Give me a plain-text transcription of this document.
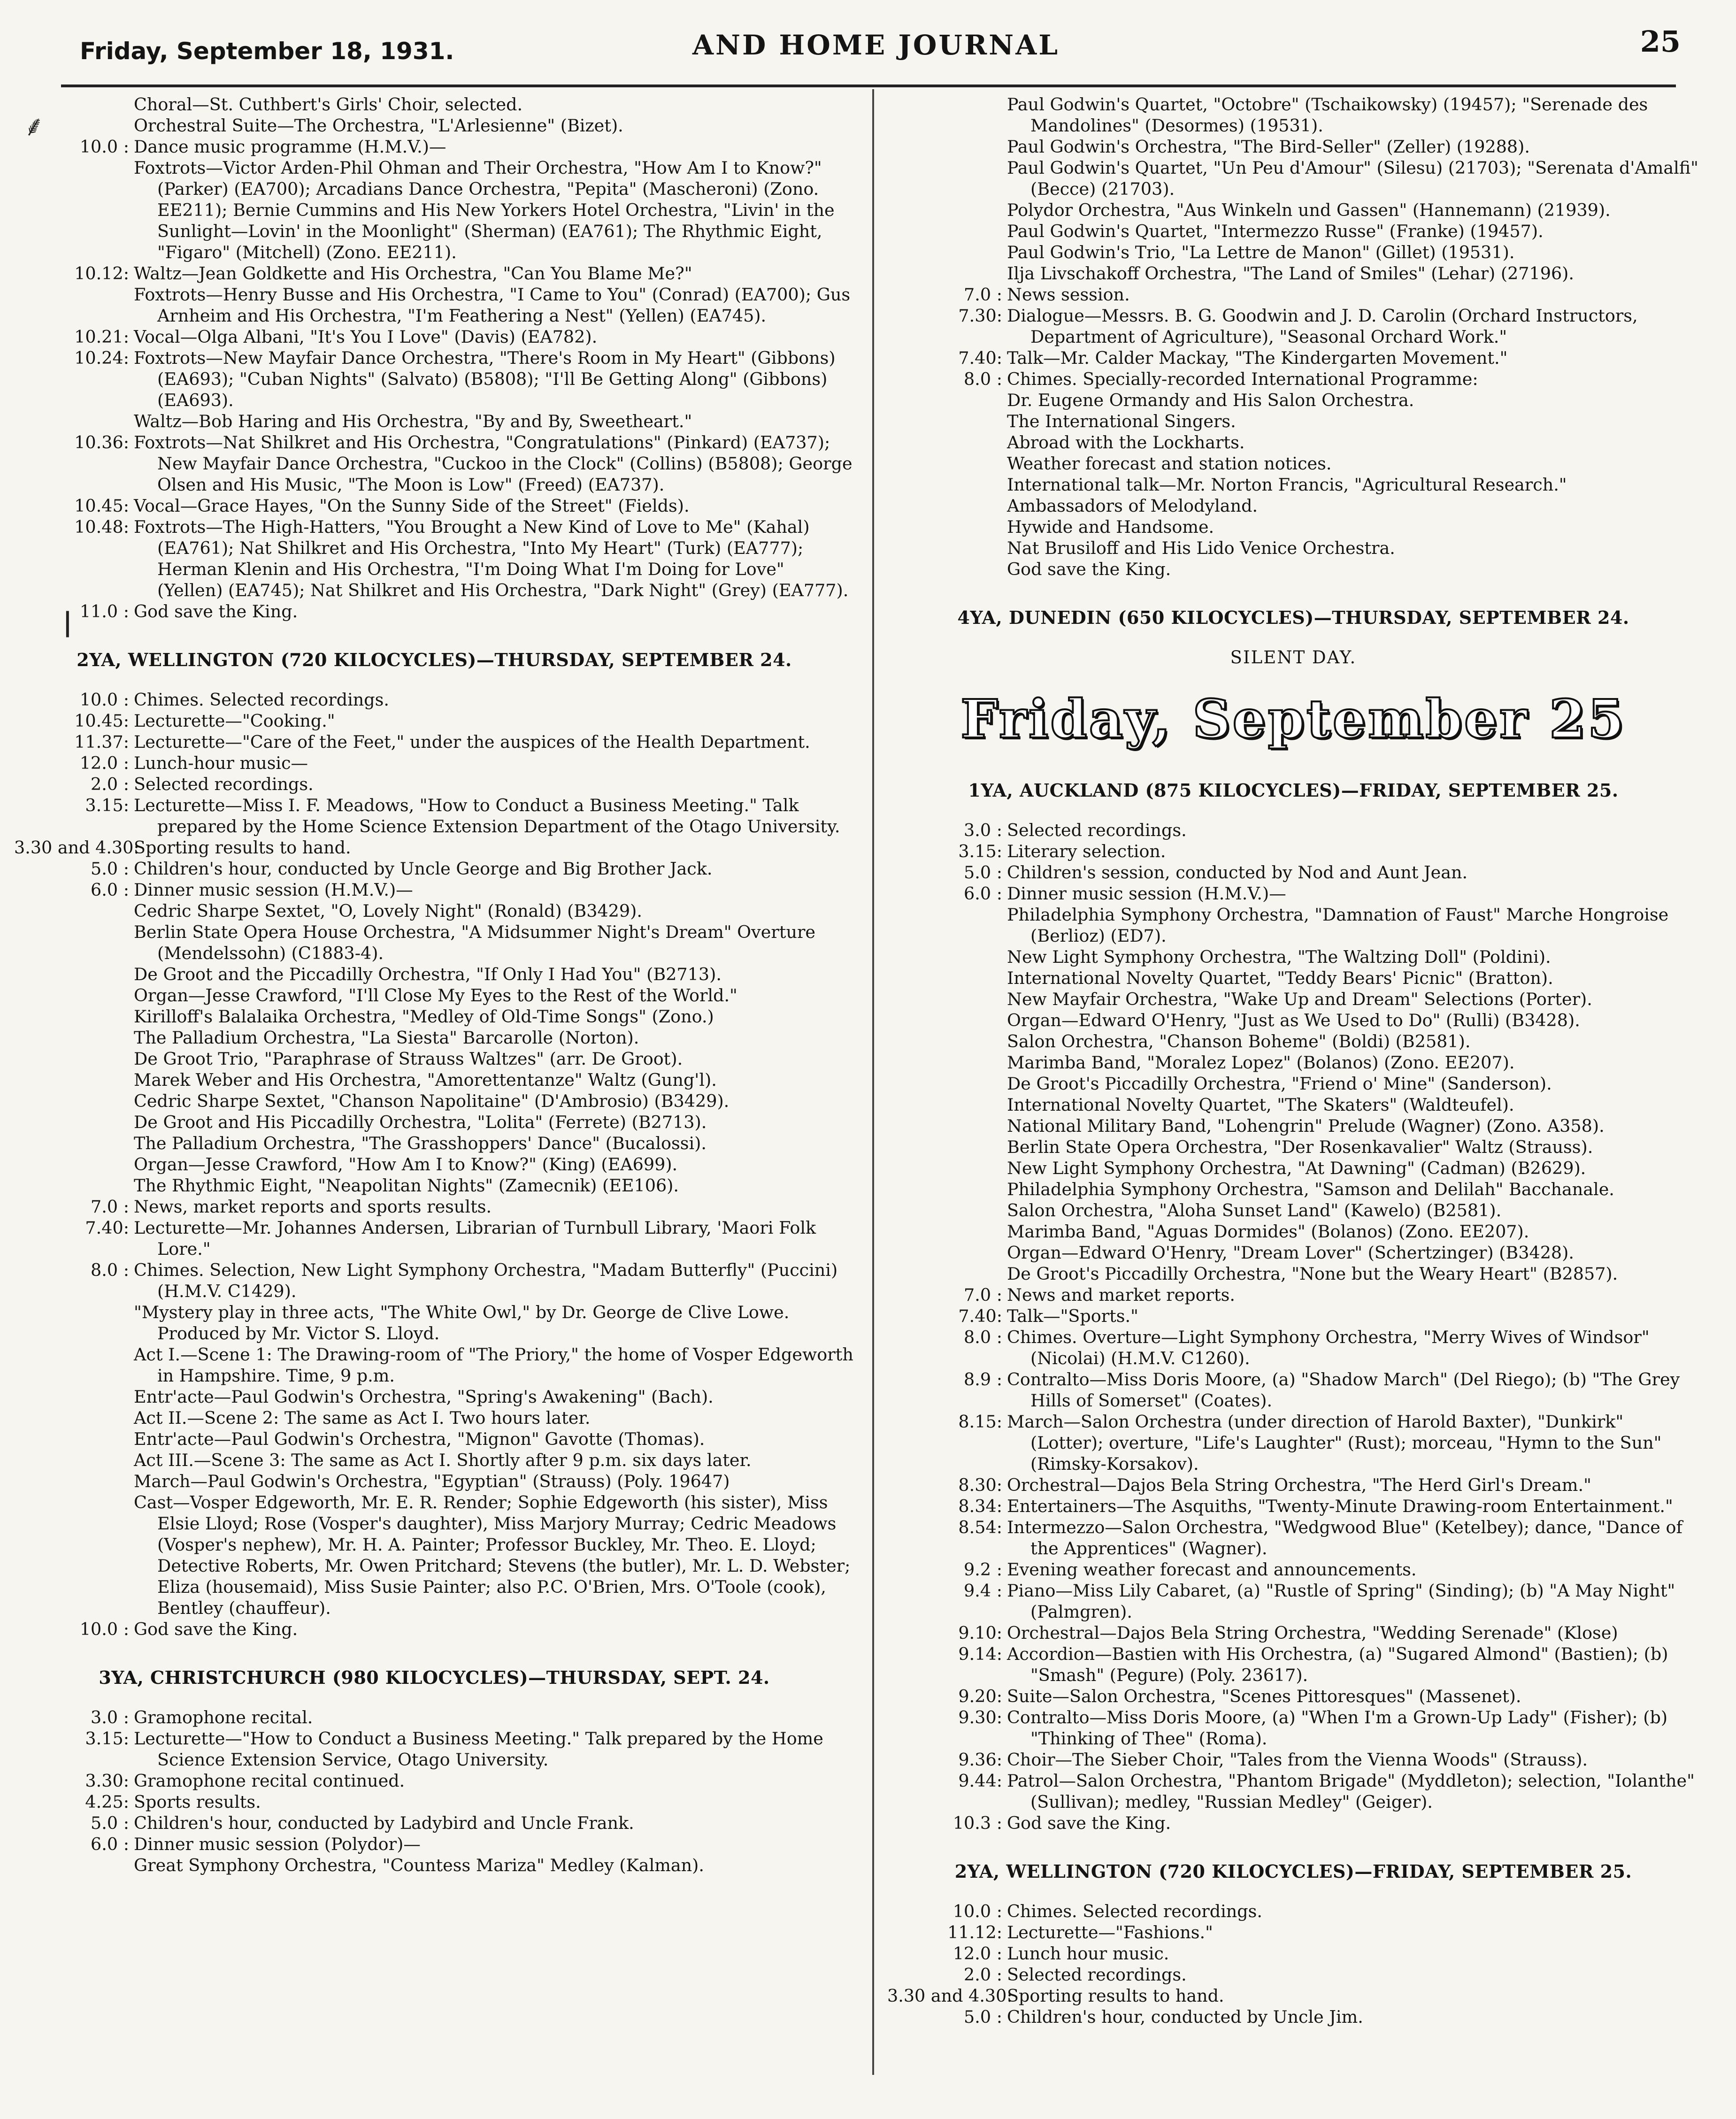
Friday, September 18, 1931.	AND HOME JOURNAL	25
⸙
ǀ
Choral—St. Cuthbert's Girls' Choir, selected.
Orchestral Suite—The Orchestra, "L'Arlesienne" (Bizet).
10.0 : Dance music programme (H.M.V.)—
Foxtrots—Victor Arden-Phil Ohman and Their Orchestra, "How Am I to Know?" (Parker) (EA700); Arcadians Dance Orchestra, "Pepita" (Mascheroni) (Zono. EE211); Bernie Cummins and His New Yorkers Hotel Orchestra, "Livin' in the Sunlight—Lovin' in the Moonlight" (Sherman) (EA761); The Rhythmic Eight, "Figaro" (Mitchell) (Zono. EE211).
10.12: Waltz—Jean Goldkette and His Orchestra, "Can You Blame Me?"
Foxtrots—Henry Busse and His Orchestra, "I Came to You" (Conrad) (EA700); Gus Arnheim and His Orchestra, "I'm Feathering a Nest" (Yellen) (EA745).
10.21: Vocal—Olga Albani, "It's You I Love" (Davis) (EA782).
10.24: Foxtrots—New Mayfair Dance Orchestra, "There's Room in My Heart" (Gibbons) (EA693); "Cuban Nights" (Salvato) (B5808); "I'll Be Getting Along" (Gibbons) (EA693).
Waltz—Bob Haring and His Orchestra, "By and By, Sweetheart."
10.36: Foxtrots—Nat Shilkret and His Orchestra, "Congratulations" (Pinkard) (EA737); New Mayfair Dance Orchestra, "Cuckoo in the Clock" (Collins) (B5808); George Olsen and His Music, "The Moon is Low" (Freed) (EA737).
10.45: Vocal—Grace Hayes, "On the Sunny Side of the Street" (Fields).
10.48: Foxtrots—The High-Hatters, "You Brought a New Kind of Love to Me" (Kahal) (EA761); Nat Shilkret and His Orchestra, "Into My Heart" (Turk) (EA777); Herman Klenin and His Orchestra, "I'm Doing What I'm Doing for Love" (Yellen) (EA745); Nat Shilkret and His Orchestra, "Dark Night" (Grey) (EA777).
11.0 : God save the King.
2YA, WELLINGTON (720 KILOCYCLES)—THURSDAY, SEPTEMBER 24.
10.0 : Chimes. Selected recordings.
10.45: Lecturette—"Cooking."
11.37: Lecturette—"Care of the Feet," under the auspices of the Health Department.
12.0 : Lunch-hour music—
2.0 : Selected recordings.
3.15: Lecturette—Miss I. F. Meadows, "How to Conduct a Business Meeting." Talk prepared by the Home Science Extension Department of the Otago University.
3.30 and 4.30:
Sporting results to hand.
5.0 : Children's hour, conducted by Uncle George and Big Brother Jack.
6.0 : Dinner music session (H.M.V.)—
Cedric Sharpe Sextet, "O, Lovely Night" (Ronald) (B3429).
Berlin State Opera House Orchestra, "A Midsummer Night's Dream" Overture (Mendelssohn) (C1883-4).
De Groot and the Piccadilly Orchestra, "If Only I Had You" (B2713).
Organ—Jesse Crawford, "I'll Close My Eyes to the Rest of the World."
Kirilloff's Balalaika Orchestra, "Medley of Old-Time Songs" (Zono.)
The Palladium Orchestra, "La Siesta" Barcarolle (Norton).
De Groot Trio, "Paraphrase of Strauss Waltzes" (arr. De Groot).
Marek Weber and His Orchestra, "Amorettentanze" Waltz (Gung'l).
Cedric Sharpe Sextet, "Chanson Napolitaine" (D'Ambrosio) (B3429).
De Groot and His Piccadilly Orchestra, "Lolita" (Ferrete) (B2713).
The Palladium Orchestra, "The Grasshoppers' Dance" (Bucalossi).
Organ—Jesse Crawford, "How Am I to Know?" (King) (EA699).
The Rhythmic Eight, "Neapolitan Nights" (Zamecnik) (EE106).
7.0 : News, market reports and sports results.
7.40: Lecturette—Mr. Johannes Andersen, Librarian of Turnbull Library, 'Maori Folk Lore."
8.0 : Chimes. Selection, New Light Symphony Orchestra, "Madam Butterfly" (Puccini) (H.M.V. C1429).
"Mystery play in three acts, "The White Owl," by Dr. George de Clive Lowe. Produced by Mr. Victor S. Lloyd.
Act I.—Scene 1: The Drawing-room of "The Priory," the home of Vosper Edgeworth in Hampshire. Time, 9 p.m.
Entr'acte—Paul Godwin's Orchestra, "Spring's Awakening" (Bach).
Act II.—Scene 2: The same as Act I. Two hours later.
Entr'acte—Paul Godwin's Orchestra, "Mignon" Gavotte (Thomas).
Act III.—Scene 3: The same as Act I. Shortly after 9 p.m. six days later.
March—Paul Godwin's Orchestra, "Egyptian" (Strauss) (Poly. 19647)
Cast—Vosper Edgeworth, Mr. E. R. Render; Sophie Edgeworth (his sister), Miss Elsie Lloyd; Rose (Vosper's daughter), Miss Marjory Murray; Cedric Meadows (Vosper's nephew), Mr. H. A. Painter; Professor Buckley, Mr. Theo. E. Lloyd; Detective Roberts, Mr. Owen Pritchard; Stevens (the butler), Mr. L. D. Webster; Eliza (housemaid), Miss Susie Painter; also P.C. O'Brien, Mrs. O'Toole (cook), Bentley (chauffeur).
10.0 : God save the King.
3YA, CHRISTCHURCH (980 KILOCYCLES)—THURSDAY, SEPT. 24.
3.0 : Gramophone recital.
3.15: Lecturette—"How to Conduct a Business Meeting." Talk prepared by the Home Science Extension Service, Otago University.
3.30: Gramophone recital continued.
4.25: Sports results.
5.0 : Children's hour, conducted by Ladybird and Uncle Frank.
6.0 : Dinner music session (Polydor)—
Great Symphony Orchestra, "Countess Mariza" Medley (Kalman).
Paul Godwin's Quartet, "Octobre" (Tschaikowsky) (19457); "Serenade des Mandolines" (Desormes) (19531).
Paul Godwin's Orchestra, "The Bird-Seller" (Zeller) (19288).
Paul Godwin's Quartet, "Un Peu d'Amour" (Silesu) (21703); "Serenata d'Amalfi" (Becce) (21703).
Polydor Orchestra, "Aus Winkeln und Gassen" (Hannemann) (21939).
Paul Godwin's Quartet, "Intermezzo Russe" (Franke) (19457).
Paul Godwin's Trio, "La Lettre de Manon" (Gillet) (19531).
Ilja Livschakoff Orchestra, "The Land of Smiles" (Lehar) (27196).
7.0 : News session.
7.30: Dialogue—Messrs. B. G. Goodwin and J. D. Carolin (Orchard Instructors, Department of Agriculture), "Seasonal Orchard Work."
7.40: Talk—Mr. Calder Mackay, "The Kindergarten Movement."
8.0 : Chimes. Specially-recorded International Programme:
Dr. Eugene Ormandy and His Salon Orchestra.
The International Singers.
Abroad with the Lockharts.
Weather forecast and station notices.
International talk—Mr. Norton Francis, "Agricultural Research."
Ambassadors of Melodyland.
Hywide and Handsome.
Nat Brusiloff and His Lido Venice Orchestra.
God save the King.
4YA, DUNEDIN (650 KILOCYCLES)—THURSDAY, SEPTEMBER 24.
SILENT DAY.
Friday, September 25
1YA, AUCKLAND (875 KILOCYCLES)—FRIDAY, SEPTEMBER 25.
3.0 : Selected recordings.
3.15: Literary selection.
5.0 : Children's session, conducted by Nod and Aunt Jean.
6.0 : Dinner music session (H.M.V.)—
Philadelphia Symphony Orchestra, "Damnation of Faust" Marche Hongroise (Berlioz) (ED7).
New Light Symphony Orchestra, "The Waltzing Doll" (Poldini).
International Novelty Quartet, "Teddy Bears' Picnic" (Bratton).
New Mayfair Orchestra, "Wake Up and Dream" Selections (Porter).
Organ—Edward O'Henry, "Just as We Used to Do" (Rulli) (B3428).
Salon Orchestra, "Chanson Boheme" (Boldi) (B2581).
Marimba Band, "Moralez Lopez" (Bolanos) (Zono. EE207).
De Groot's Piccadilly Orchestra, "Friend o' Mine" (Sanderson).
International Novelty Quartet, "The Skaters" (Waldteufel).
National Military Band, "Lohengrin" Prelude (Wagner) (Zono. A358).
Berlin State Opera Orchestra, "Der Rosenkavalier" Waltz (Strauss).
New Light Symphony Orchestra, "At Dawning" (Cadman) (B2629).
Philadelphia Symphony Orchestra, "Samson and Delilah" Bacchanale.
Salon Orchestra, "Aloha Sunset Land" (Kawelo) (B2581).
Marimba Band, "Aguas Dormides" (Bolanos) (Zono. EE207).
Organ—Edward O'Henry, "Dream Lover" (Schertzinger) (B3428).
De Groot's Piccadilly Orchestra, "None but the Weary Heart" (B2857).
7.0 : News and market reports.
7.40: Talk—"Sports."
8.0 : Chimes. Overture—Light Symphony Orchestra, "Merry Wives of Windsor" (Nicolai) (H.M.V. C1260).
8.9 : Contralto—Miss Doris Moore, (a) "Shadow March" (Del Riego); (b) "The Grey Hills of Somerset" (Coates).
8.15: March—Salon Orchestra (under direction of Harold Baxter), "Dunkirk" (Lotter); overture, "Life's Laughter" (Rust); morceau, "Hymn to the Sun" (Rimsky-Korsakov).
8.30: Orchestral—Dajos Bela String Orchestra, "The Herd Girl's Dream."
8.34: Entertainers—The Asquiths, "Twenty-Minute Drawing-room Entertainment."
8.54: Intermezzo—Salon Orchestra, "Wedgwood Blue" (Ketelbey); dance, "Dance of the Apprentices" (Wagner).
9.2 : Evening weather forecast and announcements.
9.4 : Piano—Miss Lily Cabaret, (a) "Rustle of Spring" (Sinding); (b) "A May Night" (Palmgren).
9.10: Orchestral—Dajos Bela String Orchestra, "Wedding Serenade" (Klose)
9.14: Accordion—Bastien with His Orchestra, (a) "Sugared Almond" (Bastien); (b) "Smash" (Pegure) (Poly. 23617).
9.20: Suite—Salon Orchestra, "Scenes Pittoresques" (Massenet).
9.30: Contralto—Miss Doris Moore, (a) "When I'm a Grown-Up Lady" (Fisher); (b) "Thinking of Thee" (Roma).
9.36: Choir—The Sieber Choir, "Tales from the Vienna Woods" (Strauss).
9.44: Patrol—Salon Orchestra, "Phantom Brigade" (Myddleton); selection, "Iolanthe" (Sullivan); medley, "Russian Medley" (Geiger).
10.3 : God save the King.
2YA, WELLINGTON (720 KILOCYCLES)—FRIDAY, SEPTEMBER 25.
10.0 : Chimes. Selected recordings.
11.12: Lecturette—"Fashions."
12.0 : Lunch hour music.
2.0 : Selected recordings.
3.30 and 4.30:
Sporting results to hand.
5.0 : Children's hour, conducted by Uncle Jim.
